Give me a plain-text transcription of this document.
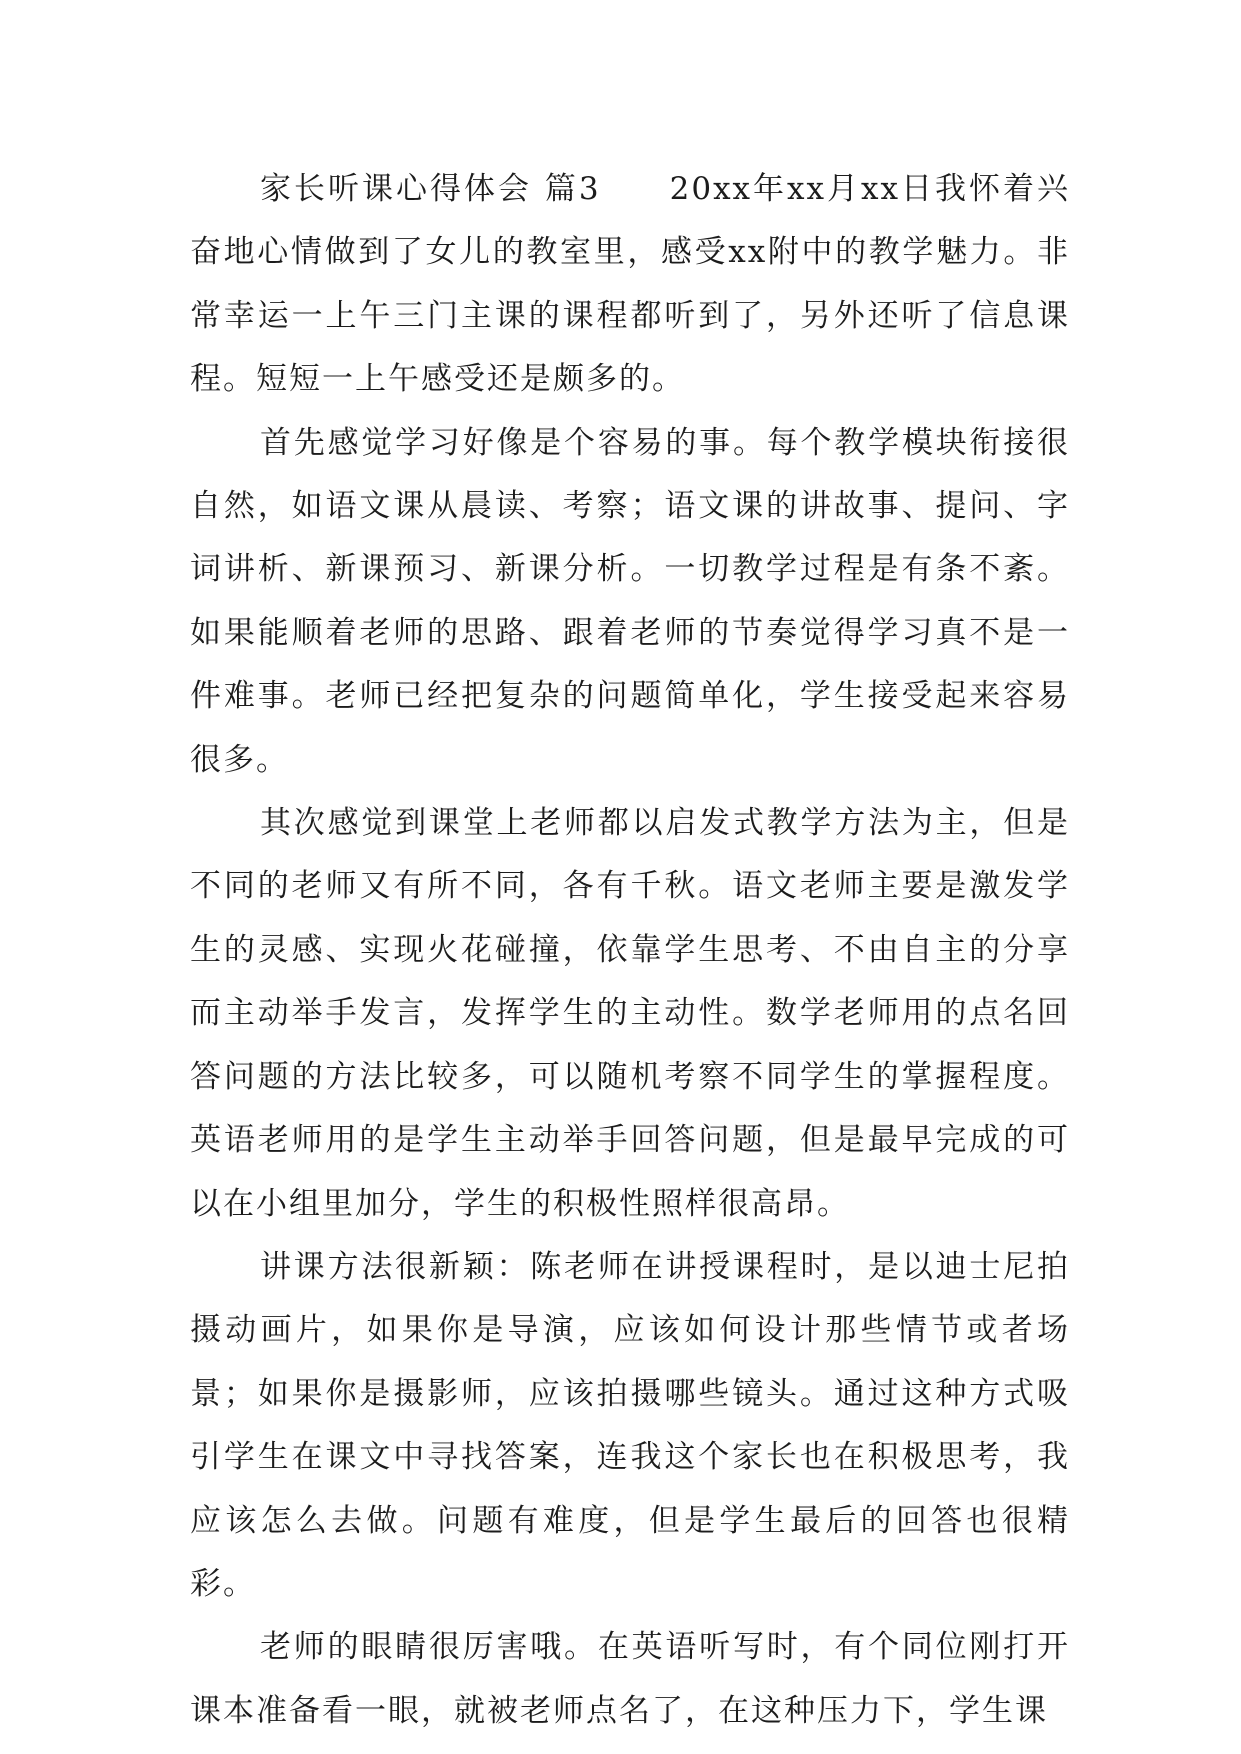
家长听课心得体会 篇3　　20xx年xx月xx日我怀着兴奋地心情做到了女儿的教室里，感受xx附中的教学魅力。非常幸运一上午三门主课的课程都听到了，另外还听了信息课程。短短一上午感受还是颇多的。

首先感觉学习好像是个容易的事。每个教学模块衔接很自然，如语文课从晨读、考察；语文课的讲故事、提问、字词讲析、新课预习、新课分析。一切教学过程是有条不紊。如果能顺着老师的思路、跟着老师的节奏觉得学习真不是一件难事。老师已经把复杂的问题简单化，学生接受起来容易很多。

其次感觉到课堂上老师都以启发式教学方法为主，但是不同的老师又有所不同，各有千秋。语文老师主要是激发学生的灵感、实现火花碰撞，依靠学生思考、不由自主的分享而主动举手发言，发挥学生的主动性。数学老师用的点名回答问题的方法比较多，可以随机考察不同学生的掌握程度。英语老师用的是学生主动举手回答问题，但是最早完成的可以在小组里加分，学生的积极性照样很高昂。

讲课方法很新颖：陈老师在讲授课程时，是以迪士尼拍摄动画片，如果你是导演，应该如何设计那些情节或者场景；如果你是摄影师，应该拍摄哪些镜头。通过这种方式吸引学生在课文中寻找答案，连我这个家长也在积极思考，我应该怎么去做。问题有难度，但是学生最后的回答也很精彩。

老师的眼睛很厉害哦。在英语听写时，有个同位刚打开课本准备看一眼，就被老师点名了，在这种压力下，学生课
